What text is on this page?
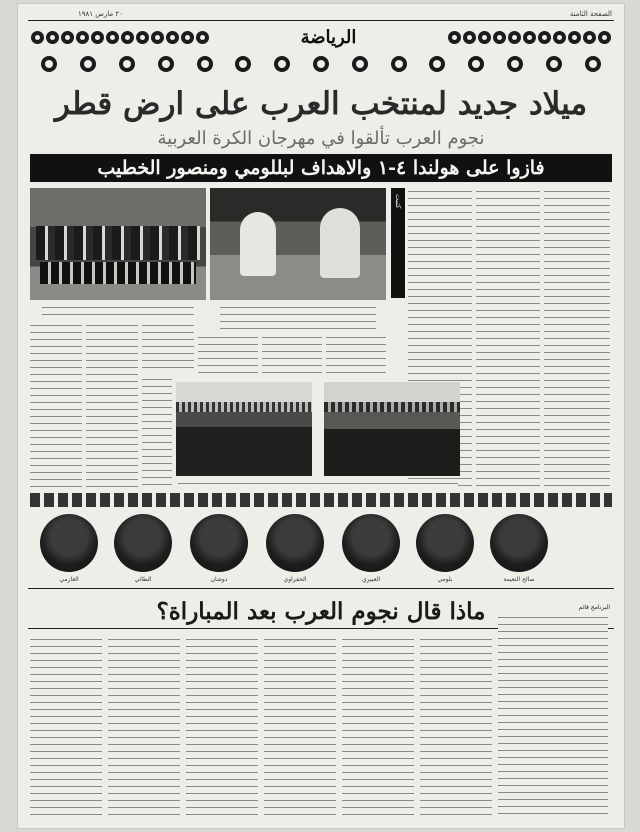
الصفحة الثامنة
٢٠ مارس ١٩٨١
الرياضة
ميلاد جديد لمنتخب العرب على ارض قطر
نجوم العرب تألقوا في مهرجان الكرة العربية
فازوا على هولندا ٤-١ والاهداف لبللومي ومنصور الخطيب
كتبت
العازمي	الطائي	دوشان	الحفراوي	العبيري	بلومي	صالح النعيمة
ماذا قال نجوم العرب بعد المباراة؟	البرنامج قائم
